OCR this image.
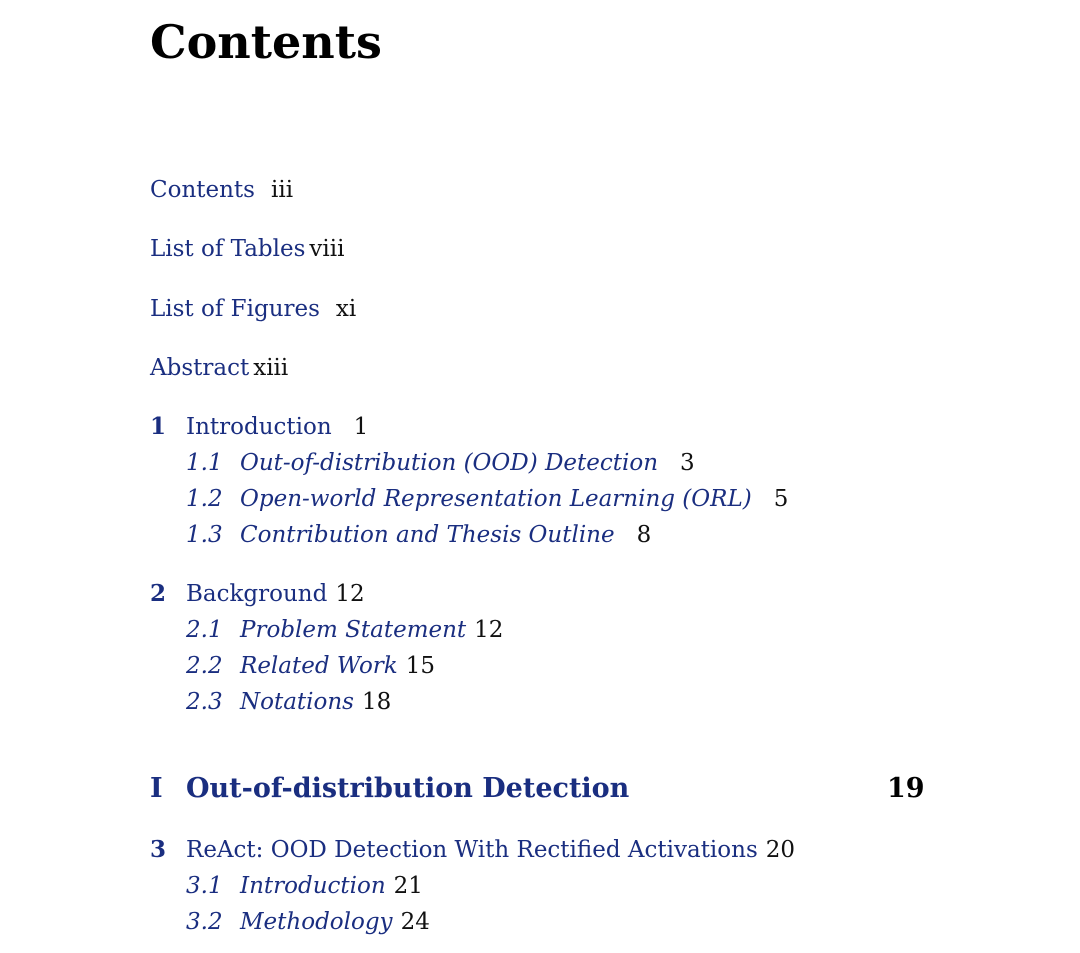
Contents
Contents iii
List of Tables viii
List of Figures xi
Abstract xiii
1 Introduction 1
1.1 Out-of-distribution (OOD) Detection 3
1.2 Open-world Representation Learning (ORL) 5
1.3 Contribution and Thesis Outline 8
2 Background 12
2.1 Problem Statement 12
2.2 Related Work 15
2.3 Notations 18
I Out-of-distribution Detection	19
3 ReAct: OOD Detection With Rectified Activations 20
3.1 Introduction 21
3.2 Methodology 24
